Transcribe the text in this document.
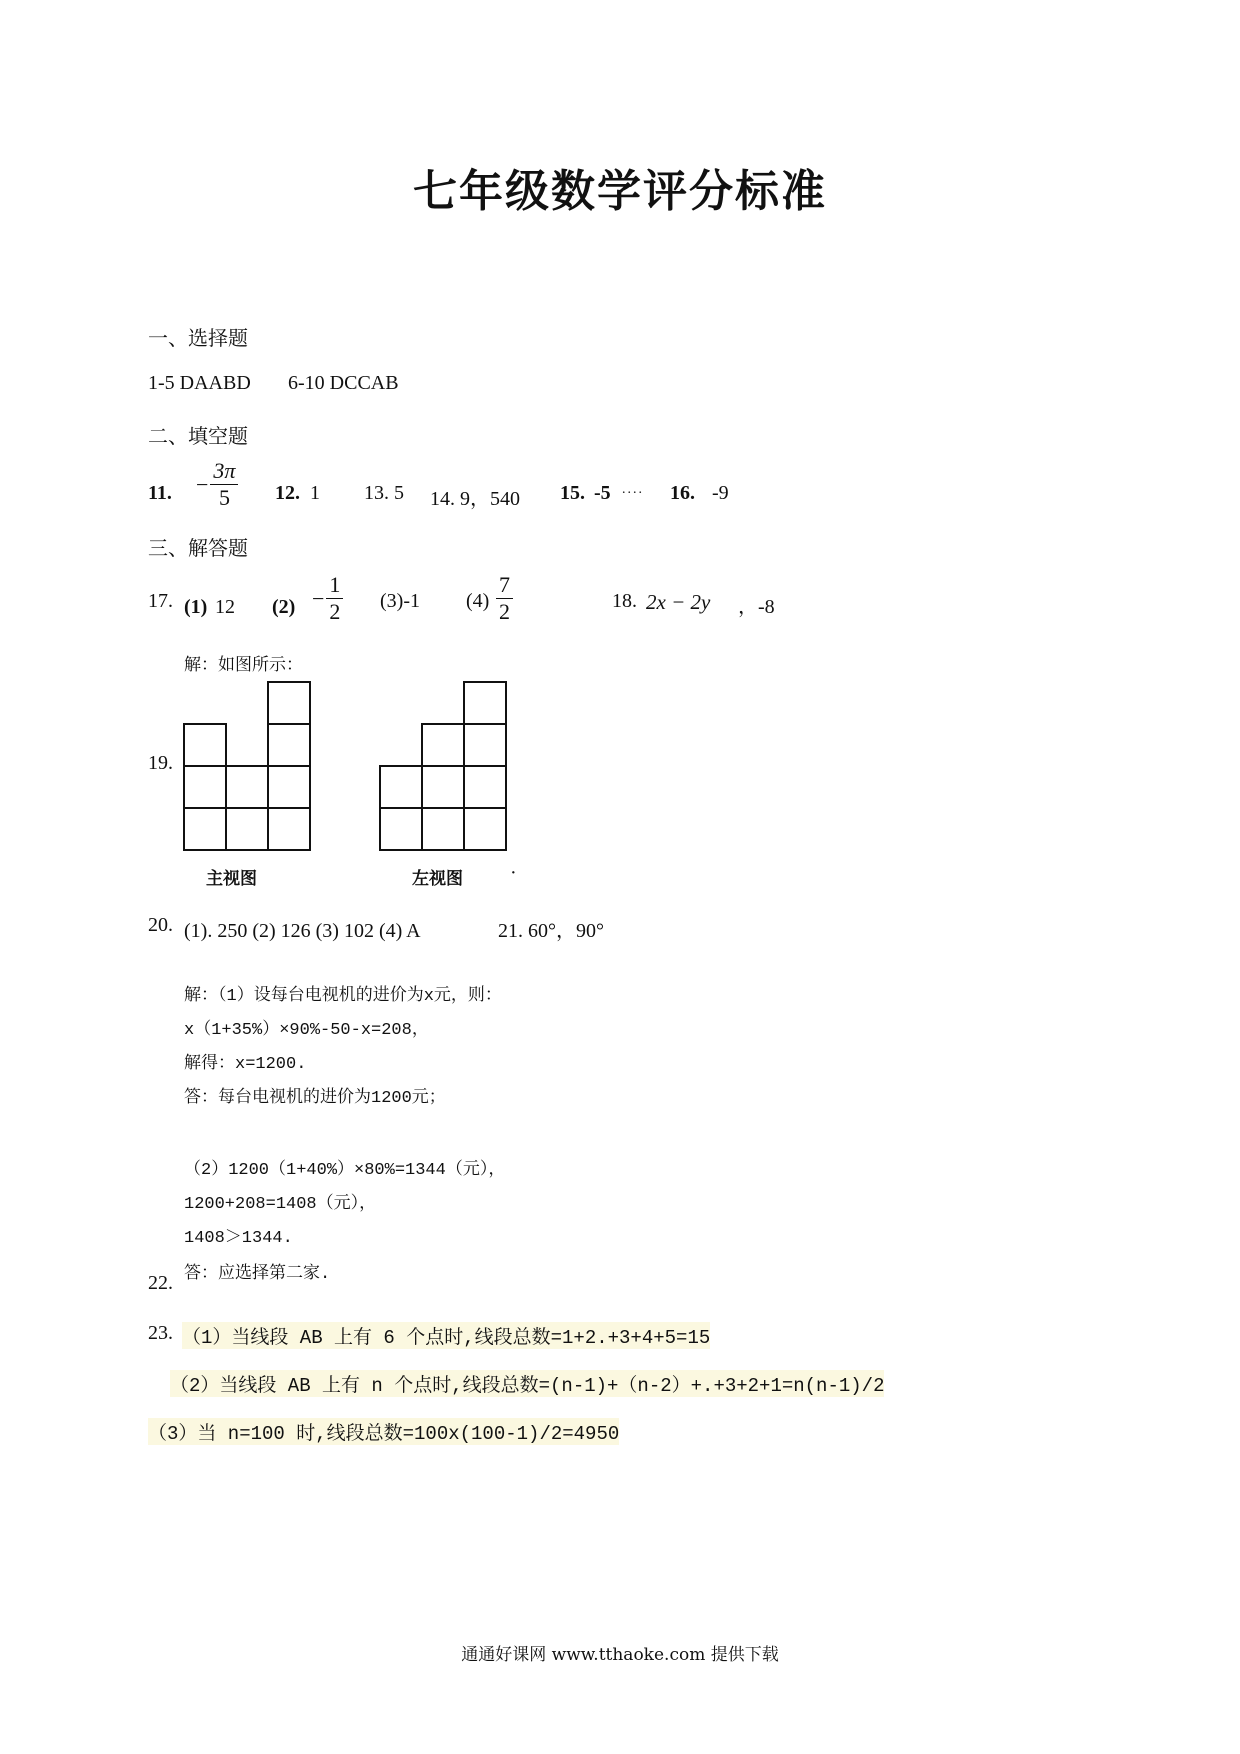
七年级数学评分标准
一、选择题
1-5 DAABD 6-10 DCCAB
二、填空题
11. − $\frac{3\pi}{5} 12$. 1 13. 5 14. 9，540 15. -5 .... 16. -9
三、解答题
17. (1) 12 $(2) - \frac{1}{2} (3)-1$ $(4) \frac{7}{2}$	18. 2x − 2y ，-8
解：如图所示：
19.
主视图	左视图 ·
20. (1). 250 (2) 126 (3) 102 (4) A	21. 60°，90°
解：（1）设每台电视机的进价为x元，则：
x（1+35%）×90%-50-x=208，
解得：x=1200.
答：每台电视机的进价为1200元；
（2）1200（1+40%）×80%=1344（元），
1200+208=1408（元），
1408＞1344.
答：应选择第二家.
22.
23. （1）当线段 AB 上有 6 个点时,线段总数=1+2.+3+4+5=15
（2）当线段 AB 上有 n 个点时,线段总数=(n-1)+（n-2）+.+3+2+1=n(n-1)/2
（3）当 n=100 时,线段总数=100x(100-1)/2=4950
通通好课网 www.tthaoke.com 提供下载
